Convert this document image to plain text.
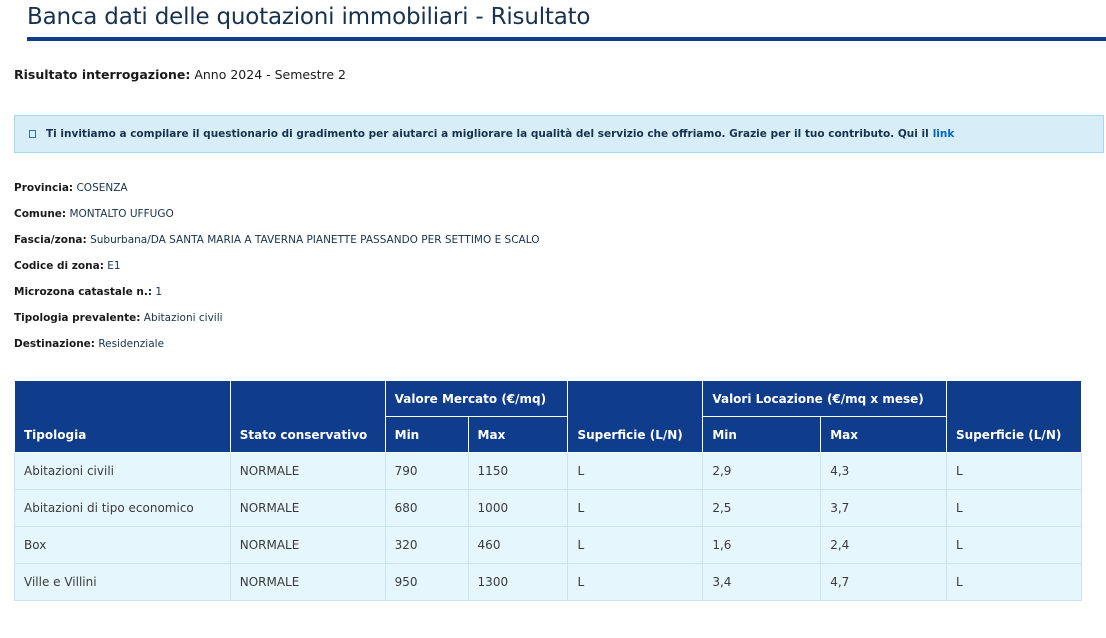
Banca dati delle quotazioni immobiliari - Risultato
Risultato interrogazione: Anno 2024 - Semestre 2
Ti invitiamo a compilare il questionario di gradimento per aiutarci a migliorare la qualità del servizio che offriamo. Grazie per il tuo contributo. Qui il link
Provincia: COSENZA
Comune: MONTALTO UFFUGO
Fascia/zona: Suburbana/DA SANTA MARIA A TAVERNA PIANETTE PASSANDO PER SETTIMO E SCALO
Codice di zona: E1
Microzona catastale n.: 1
Tipologia prevalente: Abitazioni civili
Destinazione: Residenziale
Tipologia	Stato conservativo	Valore Mercato (€/mq)		Superficie (L/N)	Valori Locazione (€/mq x mese)		Superficie (L/N)
		Min	Max		Min	Max	
Abitazioni civili	NORMALE	790	1150	L	2,9	4,3	L
Abitazioni di tipo economico	NORMALE	680	1000	L	2,5	3,7	L
Box	NORMALE	320	460	L	1,6	2,4	L
Ville e Villini	NORMALE	950	1300	L	3,4	4,7	L
